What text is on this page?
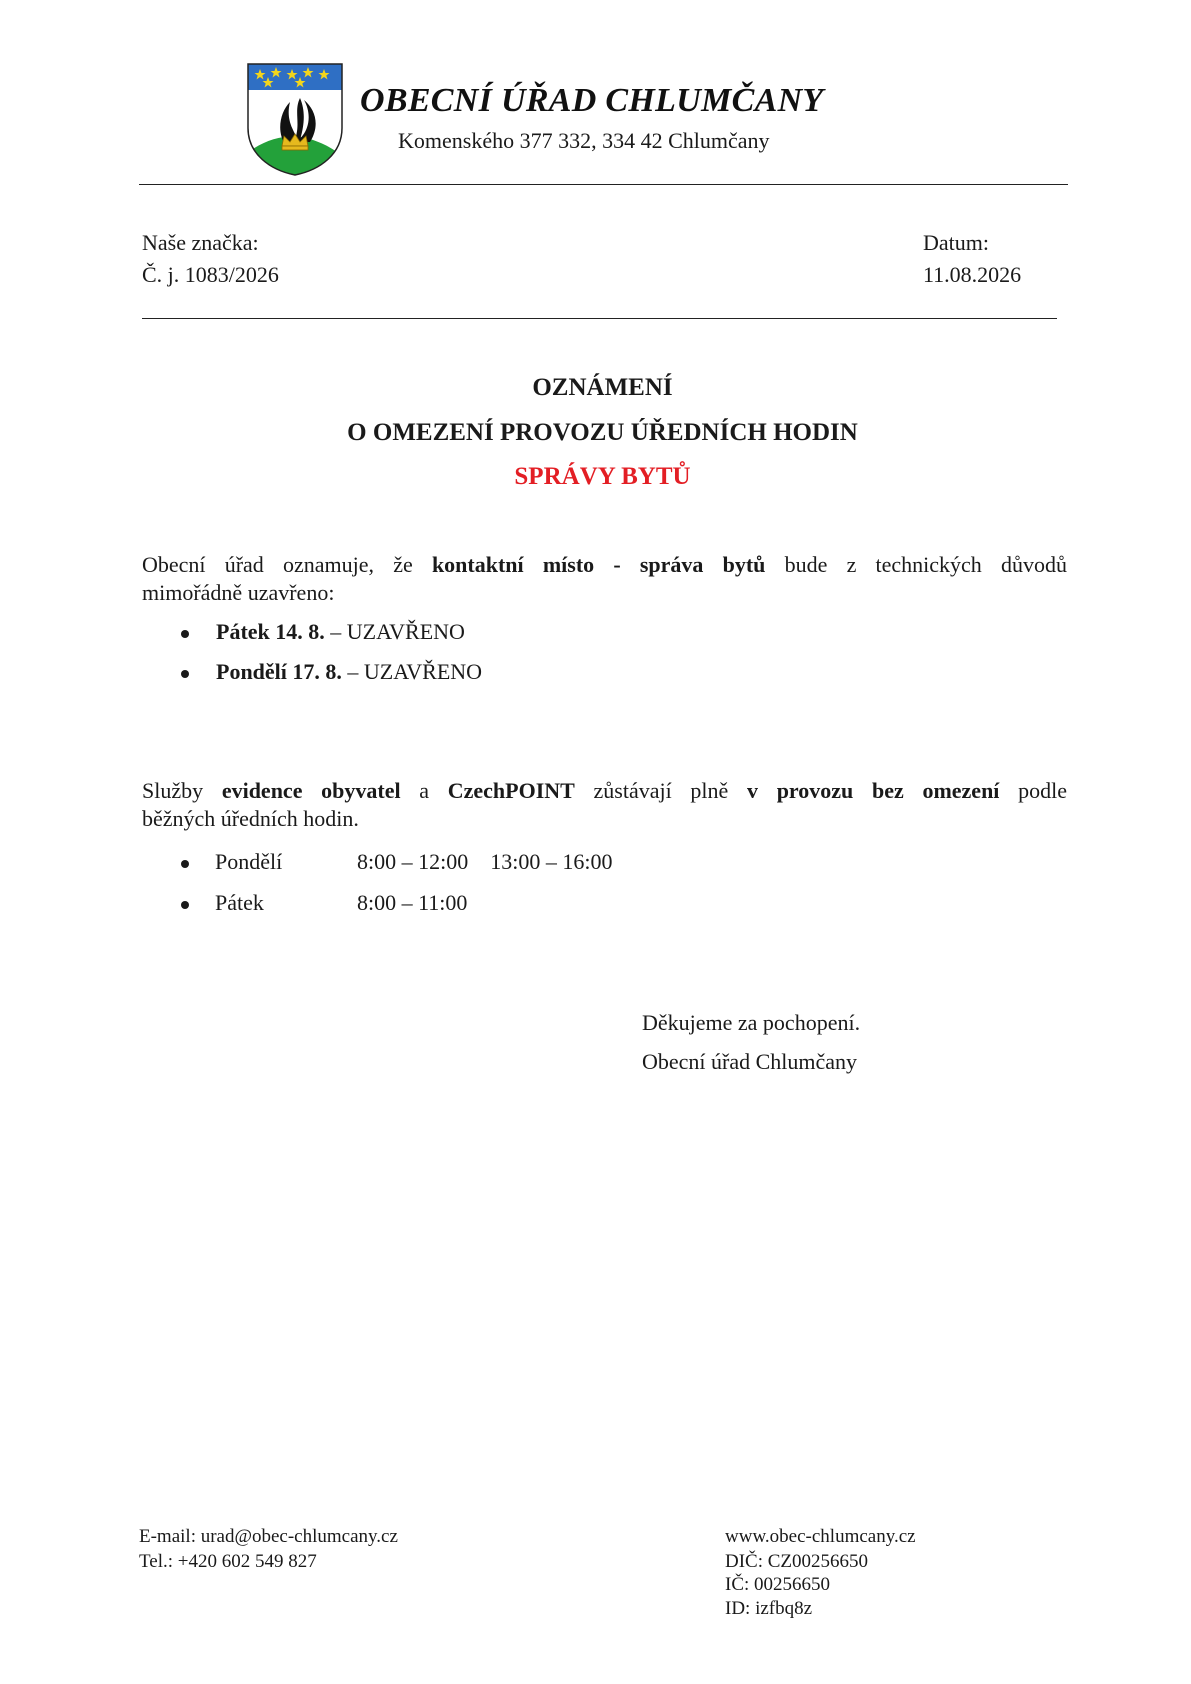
OBECNÍ ÚŘAD CHLUMČANY
Komenského 377 332, 334 42 Chlumčany
Naše značka:
Č. j. 1083/2026
Datum:
11.08.2026
OZNÁMENÍ
O OMEZENÍ PROVOZU ÚŘEDNÍCH HODIN
SPRÁVY BYTŮ
Obecní úřad oznamuje, že kontaktní místo - správa bytů bude z technických důvodů
mimořádně uzavřeno:
Pátek 14. 8. – UZAVŘENO
Pondělí 17. 8. – UZAVŘENO
Služby evidence obyvatel a CzechPOINT zůstávají plně v provozu bez omezení podle
běžných úředních hodin.
Pondělí	8:00 – 12:00 13:00 – 16:00
Pátek	8:00 – 11:00
Děkujeme za pochopení.
Obecní úřad Chlumčany
E-mail: urad@obec-chlumcany.cz
Tel.: +420 602 549 827
www.obec-chlumcany.cz
DIČ: CZ00256650
IČ: 00256650
ID: izfbq8z
